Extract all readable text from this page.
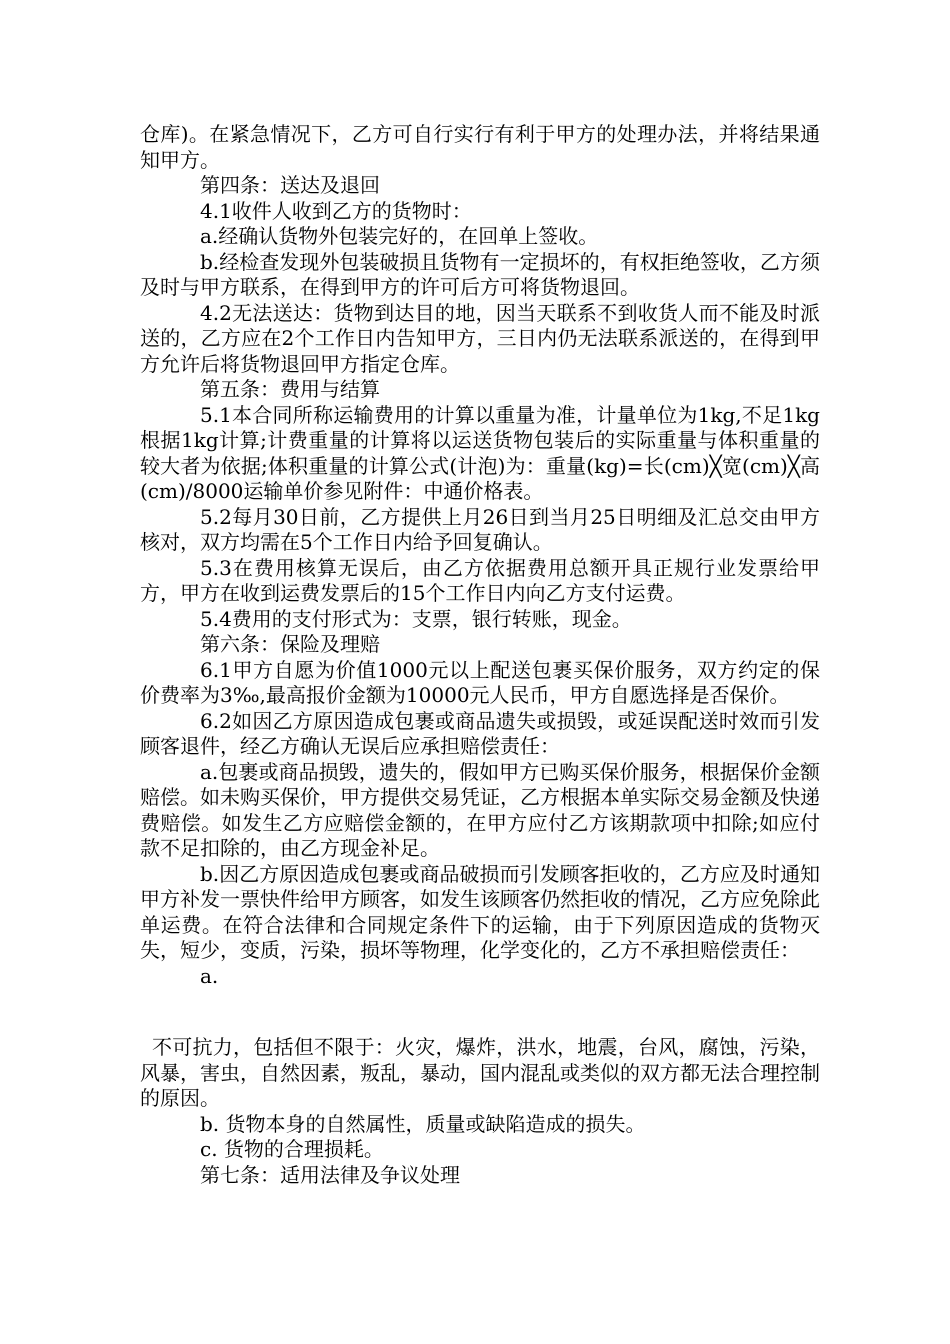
仓库)。在紧急情况下，乙方可自行实行有利于甲方的处理办法，并将结果通知甲方。

第四条：送达及退回

4.1收件人收到乙方的货物时：

a.经确认货物外包装完好的，在回单上签收。

b.经检查发现外包装破损且货物有一定损坏的，有权拒绝签收，乙方须及时与甲方联系，在得到甲方的许可后方可将货物退回。

4.2无法送达：货物到达目的地，因当天联系不到收货人而不能及时派送的，乙方应在2个工作日内告知甲方，三日内仍无法联系派送的，在得到甲方允许后将货物退回甲方指定仓库。

第五条：费用与结算

5.1本合同所称运输费用的计算以重量为准，计量单位为1kg,不足1kg根据1kg计算;计费重量的计算将以运送货物包装后的实际重量与体积重量的较大者为依据;体积重量的计算公式(计泡)为：重量(kg)=长(cm)╳宽(cm)╳高(cm)/8000运输单价参见附件：中通价格表。

5.2每月30日前，乙方提供上月26日到当月25日明细及汇总交由甲方核对，双方均需在5个工作日内给予回复确认。

5.3在费用核算无误后，由乙方依据费用总额开具正规行业发票给甲方，甲方在收到运费发票后的15个工作日内向乙方支付运费。

5.4费用的支付形式为：支票，银行转账，现金。

第六条：保险及理赔

6.1甲方自愿为价值1000元以上配送包裹买保价服务，双方约定的保价费率为3‰,最高报价金额为10000元人民币，甲方自愿选择是否保价。

6.2如因乙方原因造成包裹或商品遗失或损毁，或延误配送时效而引发顾客退件，经乙方确认无误后应承担赔偿责任：

a.包裹或商品损毁，遗失的，假如甲方已购买保价服务，根据保价金额赔偿。如未购买保价，甲方提供交易凭证，乙方根据本单实际交易金额及快递费赔偿。如发生乙方应赔偿金额的，在甲方应付乙方该期款项中扣除;如应付款不足扣除的，由乙方现金补足。

b.因乙方原因造成包裹或商品破损而引发顾客拒收的，乙方应及时通知甲方补发一票快件给甲方顾客，如发生该顾客仍然拒收的情况，乙方应免除此单运费。在符合法律和合同规定条件下的运输，由于下列原因造成的货物灭失，短少，变质，污染，损坏等物理，化学变化的，乙方不承担赔偿责任：

a.

不可抗力，包括但不限于：火灾，爆炸，洪水，地震，台风，腐蚀，污染，风暴，害虫，自然因素，叛乱，暴动，国内混乱或类似的双方都无法合理控制的原因。

b. 货物本身的自然属性，质量或缺陷造成的损失。

c. 货物的合理损耗。

第七条：适用法律及争议处理
